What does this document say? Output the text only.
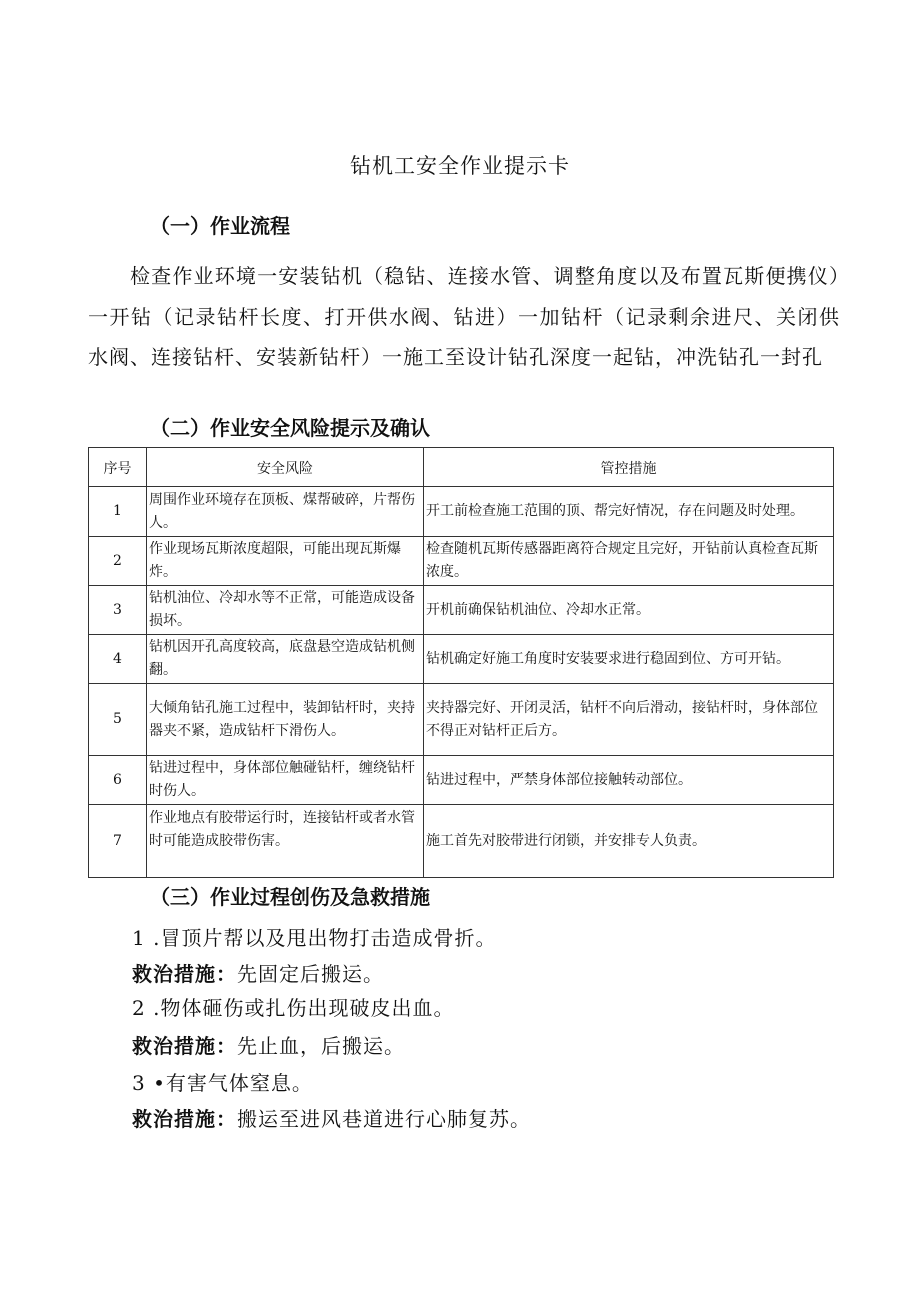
钻机工安全作业提示卡
（一）作业流程
检查作业环境一安装钻机（稳钻、连接水管、调整角度以及布置瓦斯便携仪）一开钻（记录钻杆长度、打开供水阀、钻进）一加钻杆（记录剩余进尺、关闭供水阀、连接钻杆、安装新钻杆）一施工至设计钻孔深度一起钻，冲洗钻孔一封孔
（二）作业安全风险提示及确认
序号	安全风险	管控措施
1	周围作业环境存在顶板、煤帮破碎，片帮伤人。	开工前检查施工范围的顶、帮完好情况，存在问题及时处理。
2	作业现场瓦斯浓度超限，可能出现瓦斯爆炸。	检查随机瓦斯传感器距离符合规定且完好，开钻前认真检查瓦斯浓度。
3	钻机油位、冷却水等不正常，可能造成设备损坏。	开机前确保钻机油位、冷却水正常。
4	钻机因开孔高度较高，底盘悬空造成钻机侧翻。	钻机确定好施工角度时安装要求进行稳固到位、方可开钻。
5	大倾角钻孔施工过程中，装卸钻杆时，夹持器夹不紧，造成钻杆下滑伤人。	夹持器完好、开闭灵活，钻杆不向后滑动，接钻杆时，身体部位不得正对钻杆正后方。
6	钻进过程中，身体部位触碰钻杆，缠绕钻杆时伤人。	钻进过程中，严禁身体部位接触转动部位。
7	作业地点有胶带运行时，连接钻杆或者水管时可能造成胶带伤害。	施工首先对胶带进行闭锁，并安排专人负责。
（三）作业过程创伤及急救措施
1 .冒顶片帮以及甩出物打击造成骨折。
救治措施：先固定后搬运。
2 .物体砸伤或扎伤出现破皮出血。
救治措施：先止血，后搬运。
3 •有害气体窒息。
救治措施：搬运至进风巷道进行心肺复苏。
